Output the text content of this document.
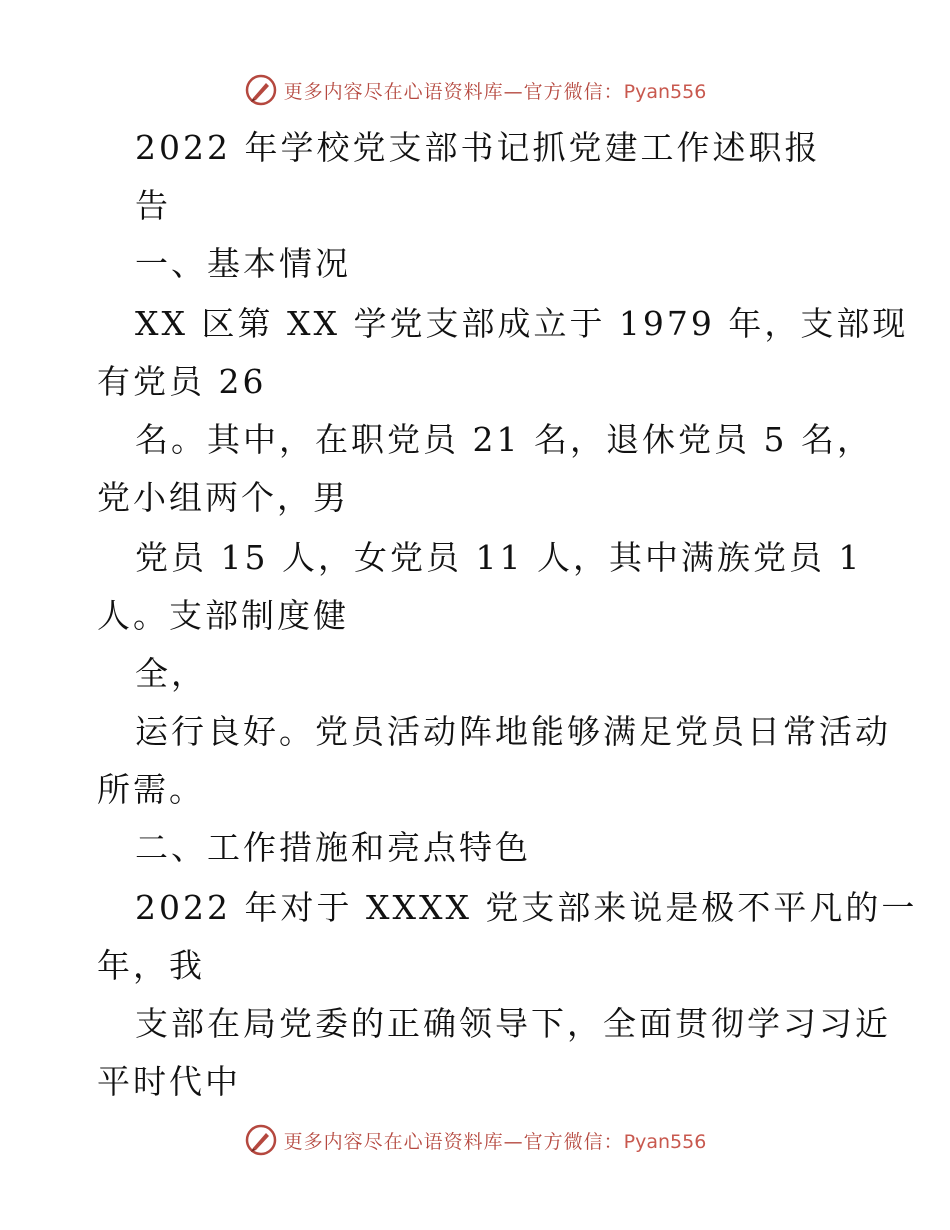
更多内容尽在心语资料库—官方微信：Pyan556
2022 年学校党支部书记抓党建工作述职报
告
一、基本情况
XX 区第 XX 学党支部成立于 1979 年，支部现
有党员 26
名。其中，在职党员 21 名，退休党员 5 名，
党小组两个，男
党员 15 人，女党员 11 人，其中满族党员 1
人。支部制度健
全，
运行良好。党员活动阵地能够满足党员日常活动
所需。
二、工作措施和亮点特色
2022 年对于 XXXX 党支部来说是极不平凡的一
年，我
支部在局党委的正确领导下，全面贯彻学习习近
平时代中
更多内容尽在心语资料库—官方微信：Pyan556
